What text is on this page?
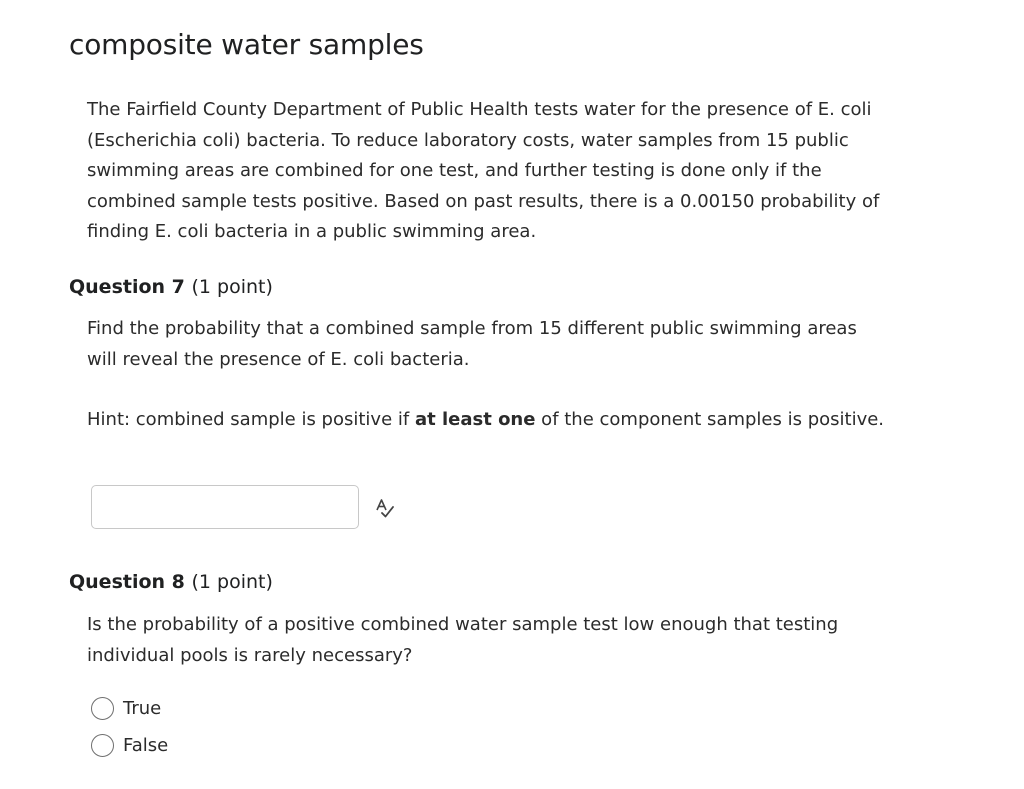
composite water samples

The Fairfield County Department of Public Health tests water for the presence of E. coli (Escherichia coli) bacteria. To reduce laboratory costs, water samples from 15 public swimming areas are combined for one test, and further testing is done only if the combined sample tests positive. Based on past results, there is a 0.00150 probability of finding E. coli bacteria in a public swimming area.

Question 7 (1 point)

Find the probability that a combined sample from 15 different public swimming areas will reveal the presence of E. coli bacteria.

Hint: combined sample is positive if at least one of the component samples is positive.

Question 8 (1 point)

Is the probability of a positive combined water sample test low enough that testing individual pools is rarely necessary?

True
False
